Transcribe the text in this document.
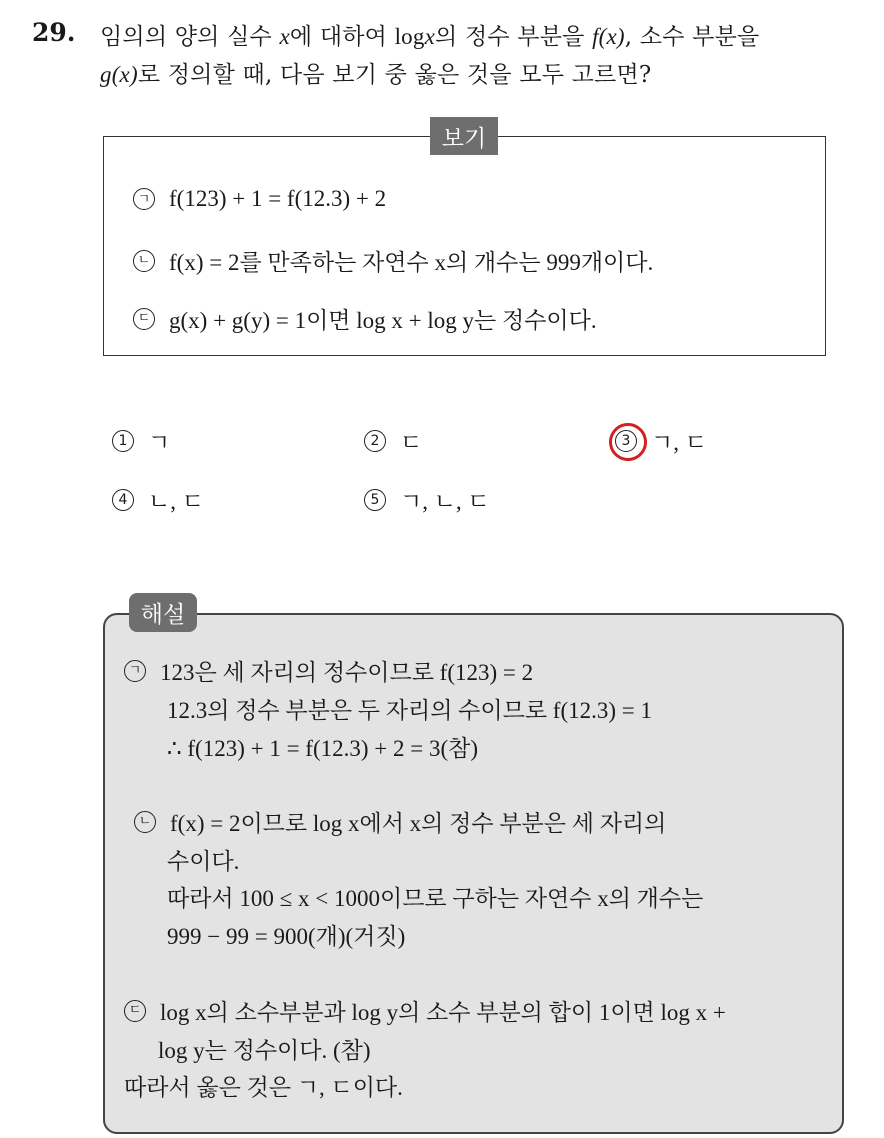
29. 임의의 양의 실수 x에 대하여 logx의 정수 부분을 f(x), 소수 부분을
g(x)로 정의할 때, 다음 보기 중 옳은 것을 모두 고르면?
보기
ㄱ f(123) + 1 = f(12.3) + 2
ㄴ f(x) = 2를 만족하는 자연수 x의 개수는 999개이다.
ㄷ g(x) + g(y) = 1이면 log x + log y는 정수이다.
1 ㄱ	2 ㄷ	3 ㄱ, ㄷ
4 ㄴ, ㄷ	5 ㄱ, ㄴ, ㄷ
해설
ㄱ 123은 세 자리의 정수이므로 f(123) = 2
12.3의 정수 부분은 두 자리의 수이므로 f(12.3) = 1
∴ f(123) + 1 = f(12.3) + 2 = 3(참)
ㄴ f(x) = 2이므로 log x에서 x의 정수 부분은 세 자리의
수이다.
따라서 100 ≤ x < 1000이므로 구하는 자연수 x의 개수는
999 − 99 = 900(개)(거짓)
ㄷ log x의 소수부분과 log y의 소수 부분의 합이 1이면 log x +
log y는 정수이다. (참)
따라서 옳은 것은 ㄱ, ㄷ이다.
